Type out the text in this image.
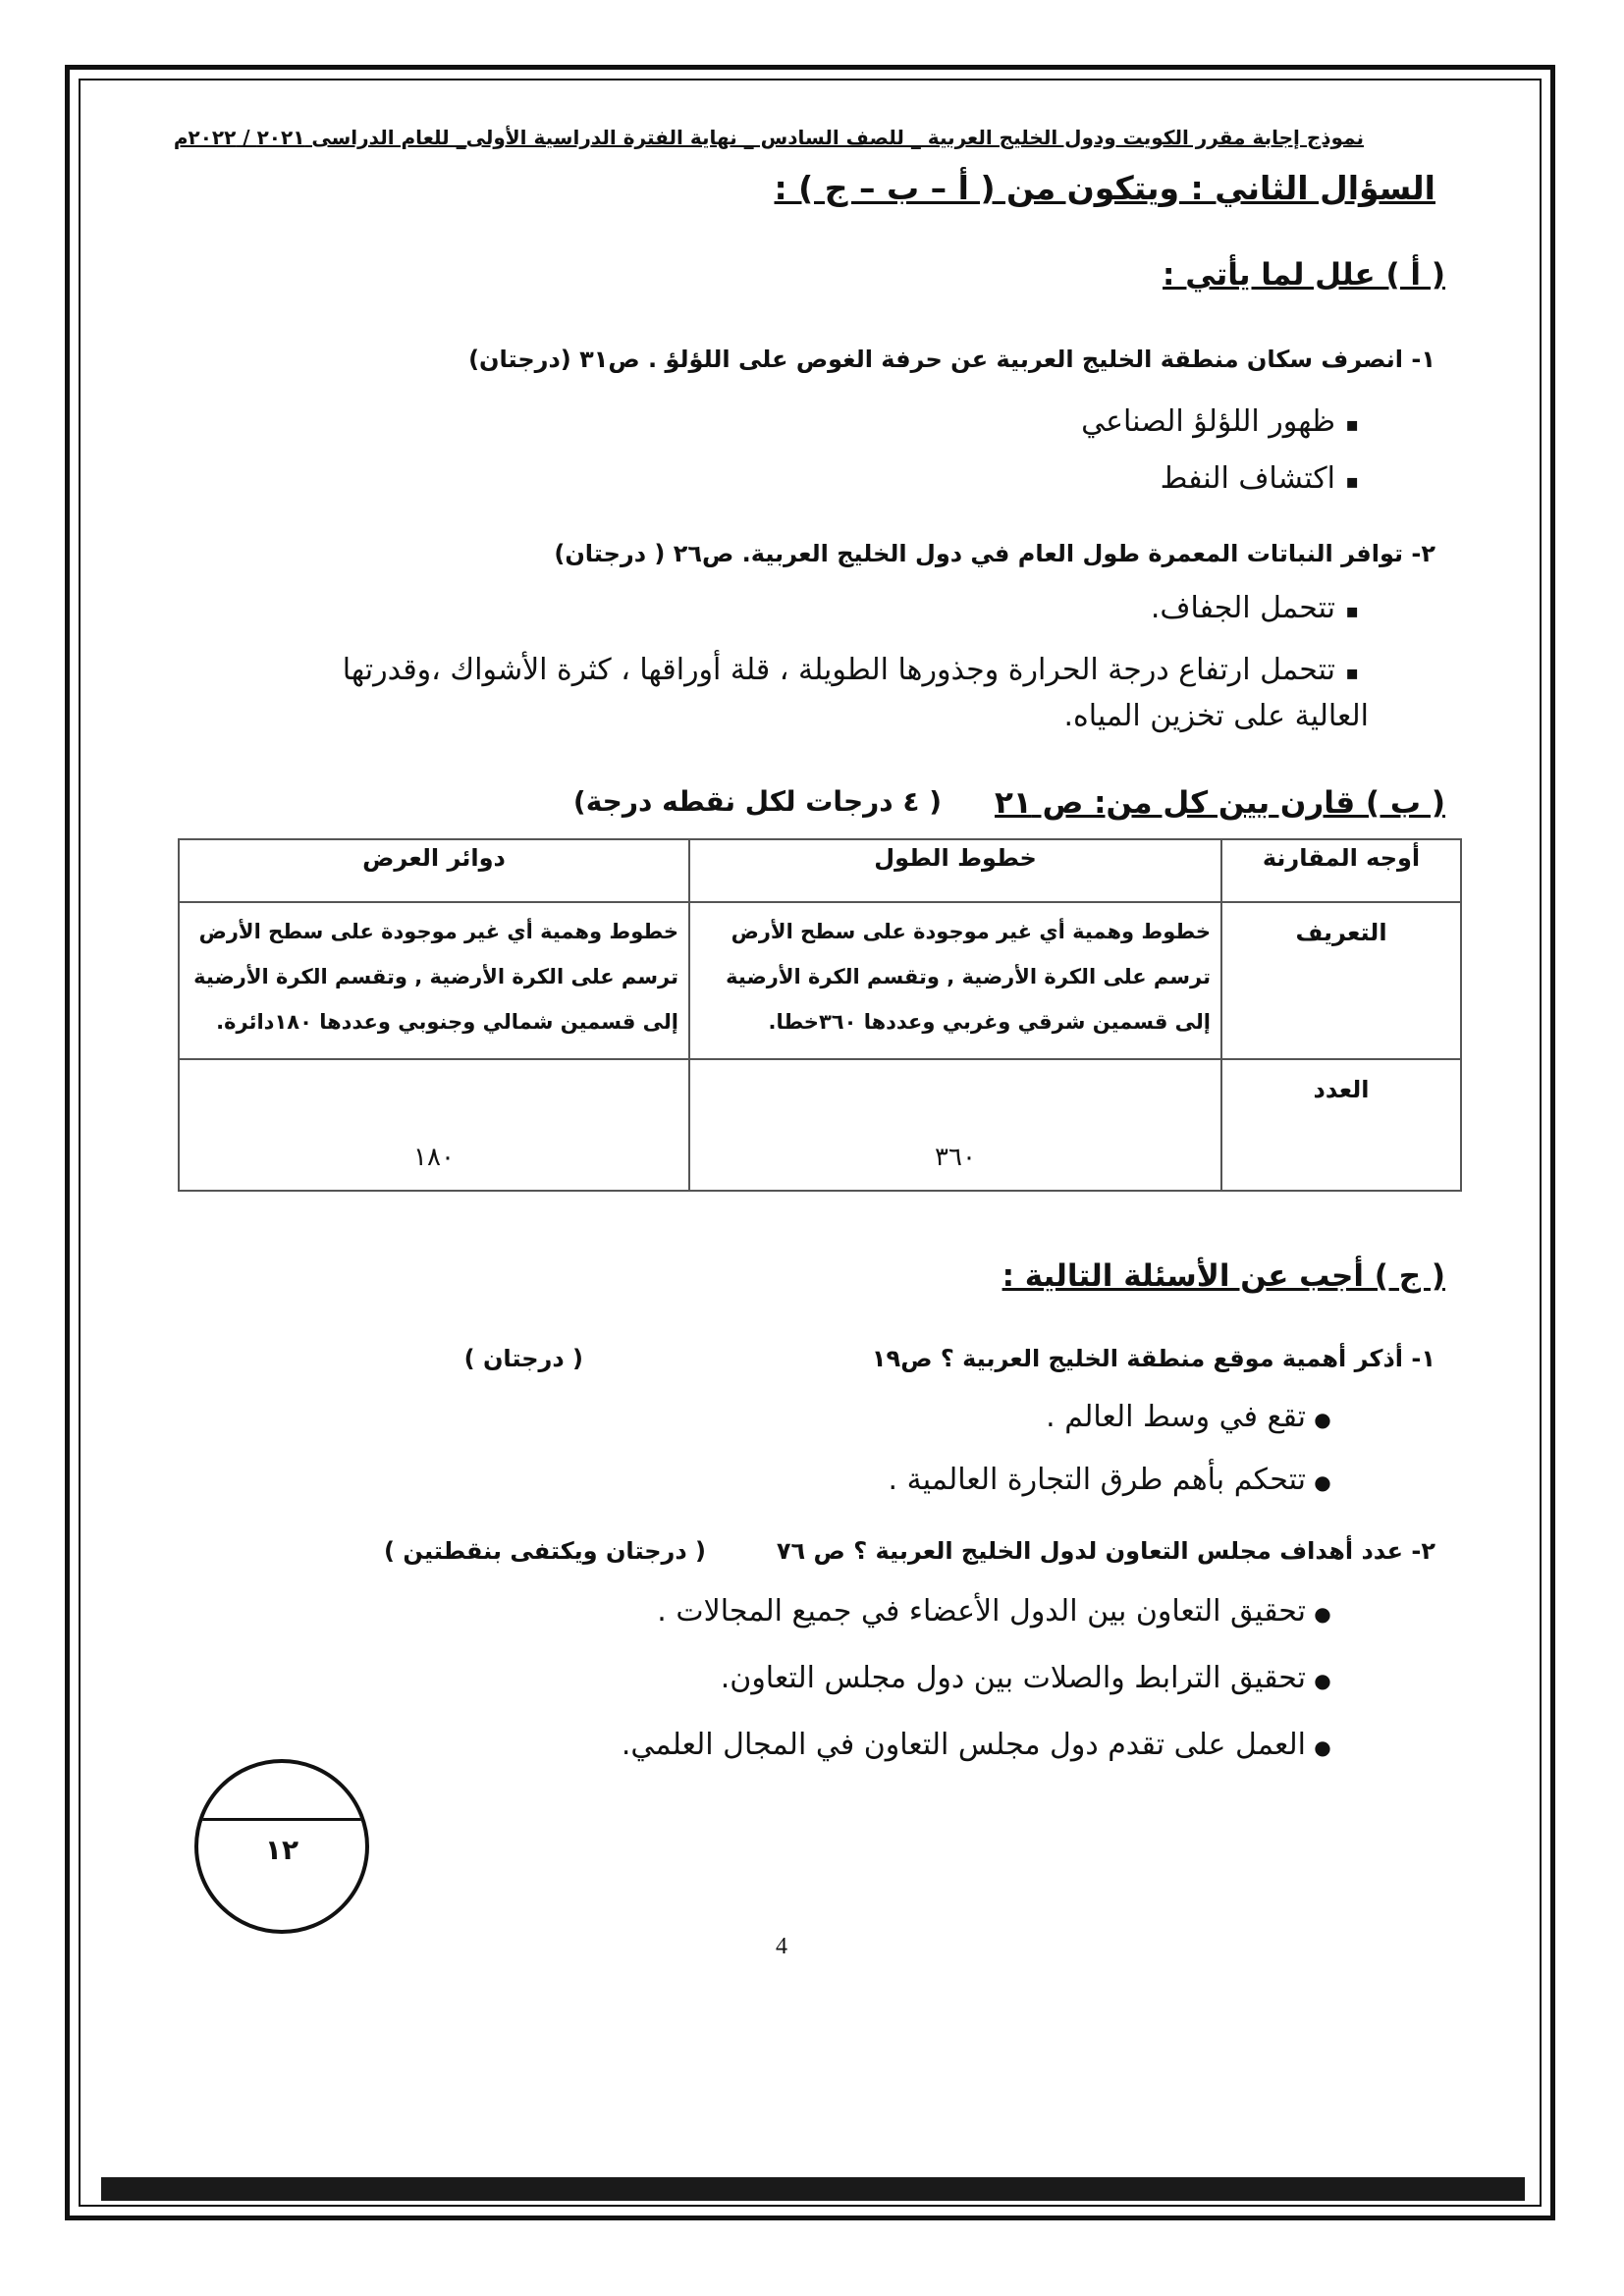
نموذج إجابة مقرر الكويت ودول الخليج العربية _ للصف السادس _ نهاية الفترة الدراسية الأولى_ للعام الدراسى ٢٠٢١ / ٢٠٢٢م
السؤال الثاني : ويتكون من ( أ – ب – ج ) :
( أ ) علل لما يأتي :
١- انصرف سكان منطقة الخليج العربية عن حرفة الغوص على اللؤلؤ . ص٣١ (درجتان)
▪ظهور اللؤلؤ الصناعي
▪اكتشاف النفط
٢- توافر النباتات المعمرة طول العام في دول الخليج العربية. ص٢٦ ( درجتان)
▪تتحمل الجفاف.
▪تتحمل ارتفاع درجة الحرارة وجذورها الطويلة ، قلة أوراقها ، كثرة الأشواك ،وقدرتها العالية على تخزين المياه.
( ب ) قارن بين كل من: ص ٢١
( ٤ درجات لكل نقطه درجة)
أوجه المقارنة	خطوط الطول	دوائر العرض
التعريف	خطوط وهمية أي غير موجودة على سطح الأرض ترسم على الكرة الأرضية , وتقسم الكرة الأرضية إلى قسمين شرقي وغربي وعددها ٣٦٠خطا.	خطوط وهمية أي غير موجودة على سطح الأرض ترسم على الكرة الأرضية , وتقسم الكرة الأرضية إلى قسمين شمالي وجنوبي وعددها ١٨٠دائرة.
العدد	٣٦٠	١٨٠
( ج ) أجب عن الأسئلة التالية :
١- أذكر أهمية موقع منطقة الخليج العربية ؟ ص١٩
( درجتان )
●تقع في وسط العالم .
●تتحكم بأهم طرق التجارة العالمية .
٢- عدد أهداف مجلس التعاون لدول الخليج العربية ؟ ص ٧٦
( درجتان ويكتفى بنقطتين )
●تحقيق التعاون بين الدول الأعضاء في جميع المجالات .
●تحقيق الترابط والصلات بين دول مجلس التعاون.
●العمل على تقدم دول مجلس التعاون في المجال العلمي.
١٢
4
